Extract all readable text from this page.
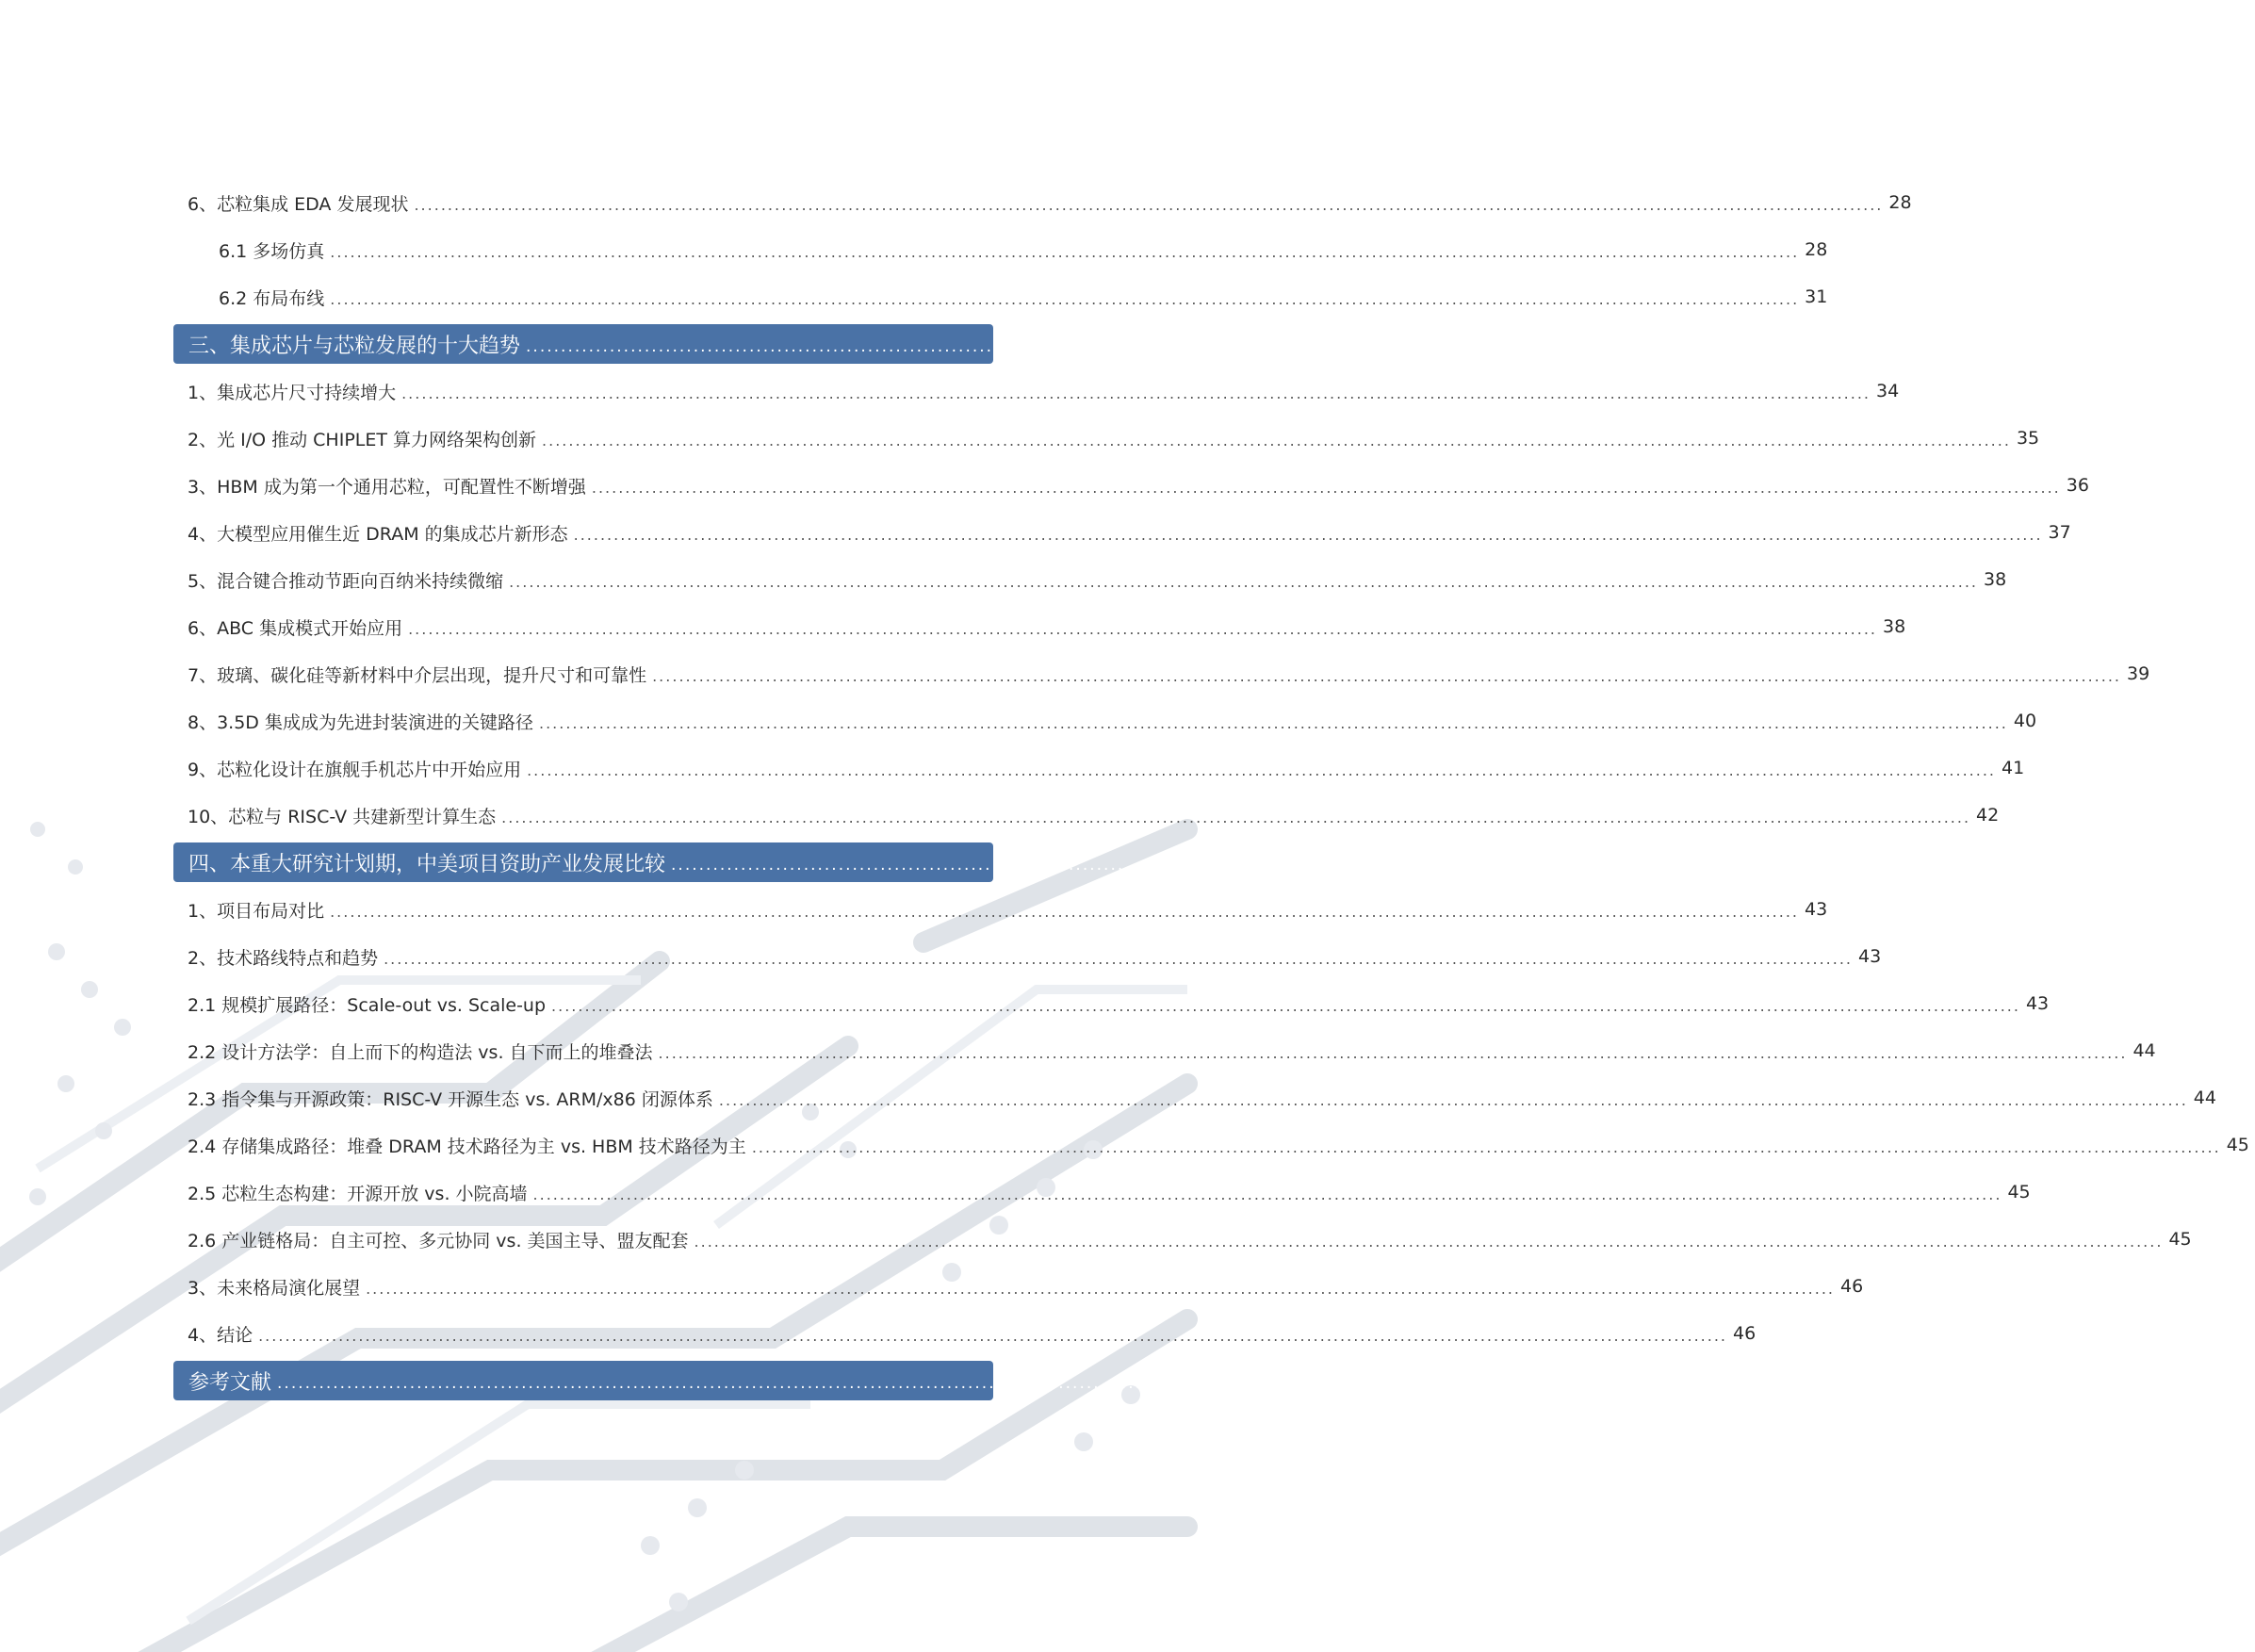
6、芯粒集成 EDA 发展现状 ............................................................................................................................................................................................................................ 28
6.1 多场仿真 ............................................................................................................................................................................................................................ 28
6.2 布局布线 ............................................................................................................................................................................................................................ 31
三、集成芯片与芯粒发展的十大趋势 ............................................................................................................................................................................................................................ 34
1、集成芯片尺寸持续增大 ............................................................................................................................................................................................................................ 34
2、光 I/O 推动 CHIPLET 算力网络架构创新 ............................................................................................................................................................................................................................ 35
3、HBM 成为第一个通用芯粒，可配置性不断增强 ............................................................................................................................................................................................................................ 36
4、大模型应用催生近 DRAM 的集成芯片新形态 ............................................................................................................................................................................................................................ 37
5、混合键合推动节距向百纳米持续微缩 ............................................................................................................................................................................................................................ 38
6、ABC 集成模式开始应用 ............................................................................................................................................................................................................................ 38
7、玻璃、碳化硅等新材料中介层出现，提升尺寸和可靠性 ............................................................................................................................................................................................................................ 39
8、3.5D 集成成为先进封装演进的关键路径 ............................................................................................................................................................................................................................ 40
9、芯粒化设计在旗舰手机芯片中开始应用 ............................................................................................................................................................................................................................ 41
10、芯粒与 RISC-V 共建新型计算生态 ............................................................................................................................................................................................................................ 42
四、本重大研究计划期，中美项目资助产业发展比较 ............................................................................................................................................................................................................................ 43
1、项目布局对比 ............................................................................................................................................................................................................................ 43
2、技术路线特点和趋势 ............................................................................................................................................................................................................................ 43
2.1 规模扩展路径：Scale-out vs. Scale-up ............................................................................................................................................................................................................................ 43
2.2 设计方法学：自上而下的构造法 vs. 自下而上的堆叠法 ............................................................................................................................................................................................................................ 44
2.3 指令集与开源政策：RISC-V 开源生态 vs. ARM/x86 闭源体系 ............................................................................................................................................................................................................................ 44
2.4 存储集成路径：堆叠 DRAM 技术路径为主 vs. HBM 技术路径为主 ............................................................................................................................................................................................................................ 45
2.5 芯粒生态构建：开源开放 vs. 小院高墙 ............................................................................................................................................................................................................................ 45
2.6 产业链格局：自主可控、多元协同 vs. 美国主导、盟友配套 ............................................................................................................................................................................................................................ 45
3、未来格局演化展望 ............................................................................................................................................................................................................................ 46
4、结论 ............................................................................................................................................................................................................................ 46
参考文献 ............................................................................................................................................................................................................................ 47
